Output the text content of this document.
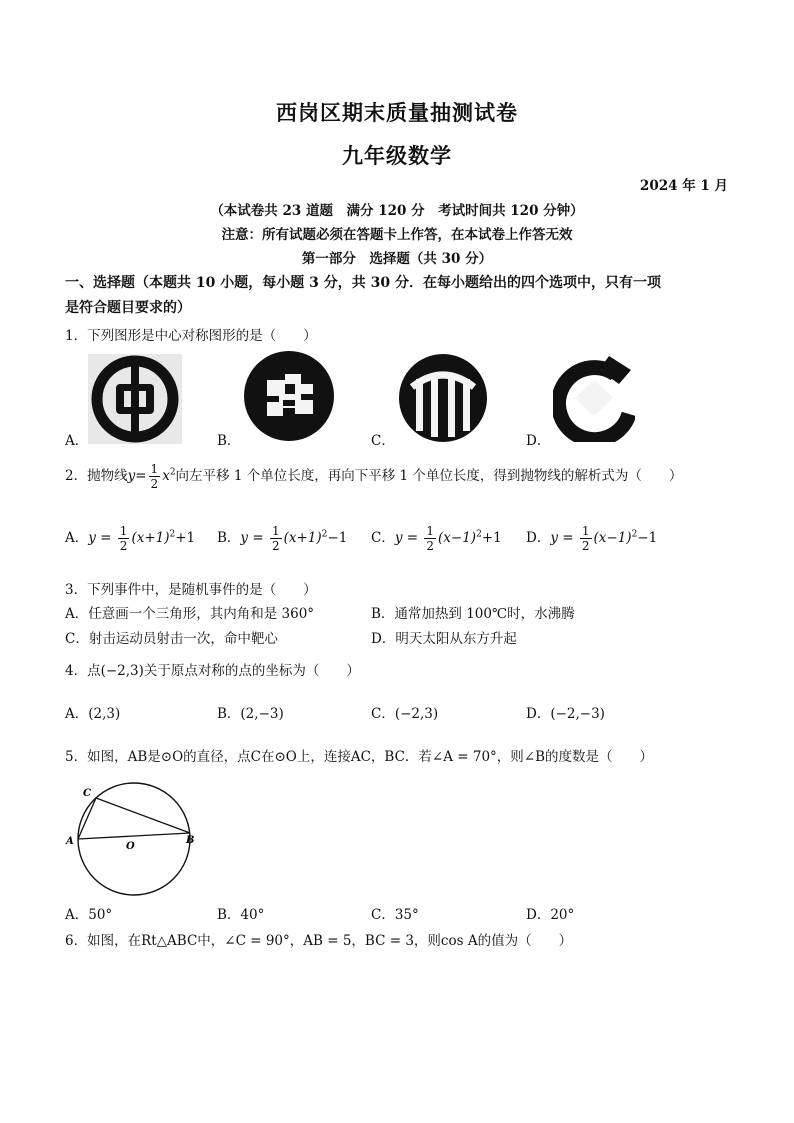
西岗区期末质量抽测试卷
九年级数学
2024 年 1 月
（本试卷共 23 道题　满分 120 分　考试时间共 120 分钟）
注意：所有试题必须在答题卡上作答，在本试卷上作答无效
第一部分　选择题（共 30 分）
一、选择题（本题共 10 小题，每小题 3 分，共 30 分．在每小题给出的四个选项中，只有一项
是符合题目要求的）
1．下列图形是中心对称图形的是（　　）
A．	B．	C．	D．
2．抛物线$y= \frac{1}{2} x^2$向左平移 1 个单位长度，再向下平移 1 个单位长度，得到抛物线的解析式为（　　）
A．$y = \frac{1}{2} (x+1)^2+1$ B．$y = \frac{1}{2} (x+1)^2-1$ C．$y = \frac{1}{2} (x-1)^2+1$ D．$y = \frac{1}{2} (x-1)^2-1$
3．下列事件中，是随机事件的是（　　）
A．任意画一个三角形，其内角和是 360°	B．通常加热到 100℃时，水沸腾
C．射击运动员射击一次，命中靶心	D．明天太阳从东方升起
4．点(−2,3)关于原点对称的点的坐标为（　　）
A．(2,3)	B．(2,−3)	C．(−2,3)	D．(−2,−3)
5．如图，AB是⊙O的直径，点C在⊙O上，连接AC，BC．若∠A = 70°，则∠B的度数是（　　）
C
A	B
O
A．50°	B．40°	C．35°	D．20°
6．如图，在Rt△ABC中，∠C = 90°，AB = 5，BC = 3，则cos A的值为（　　）
